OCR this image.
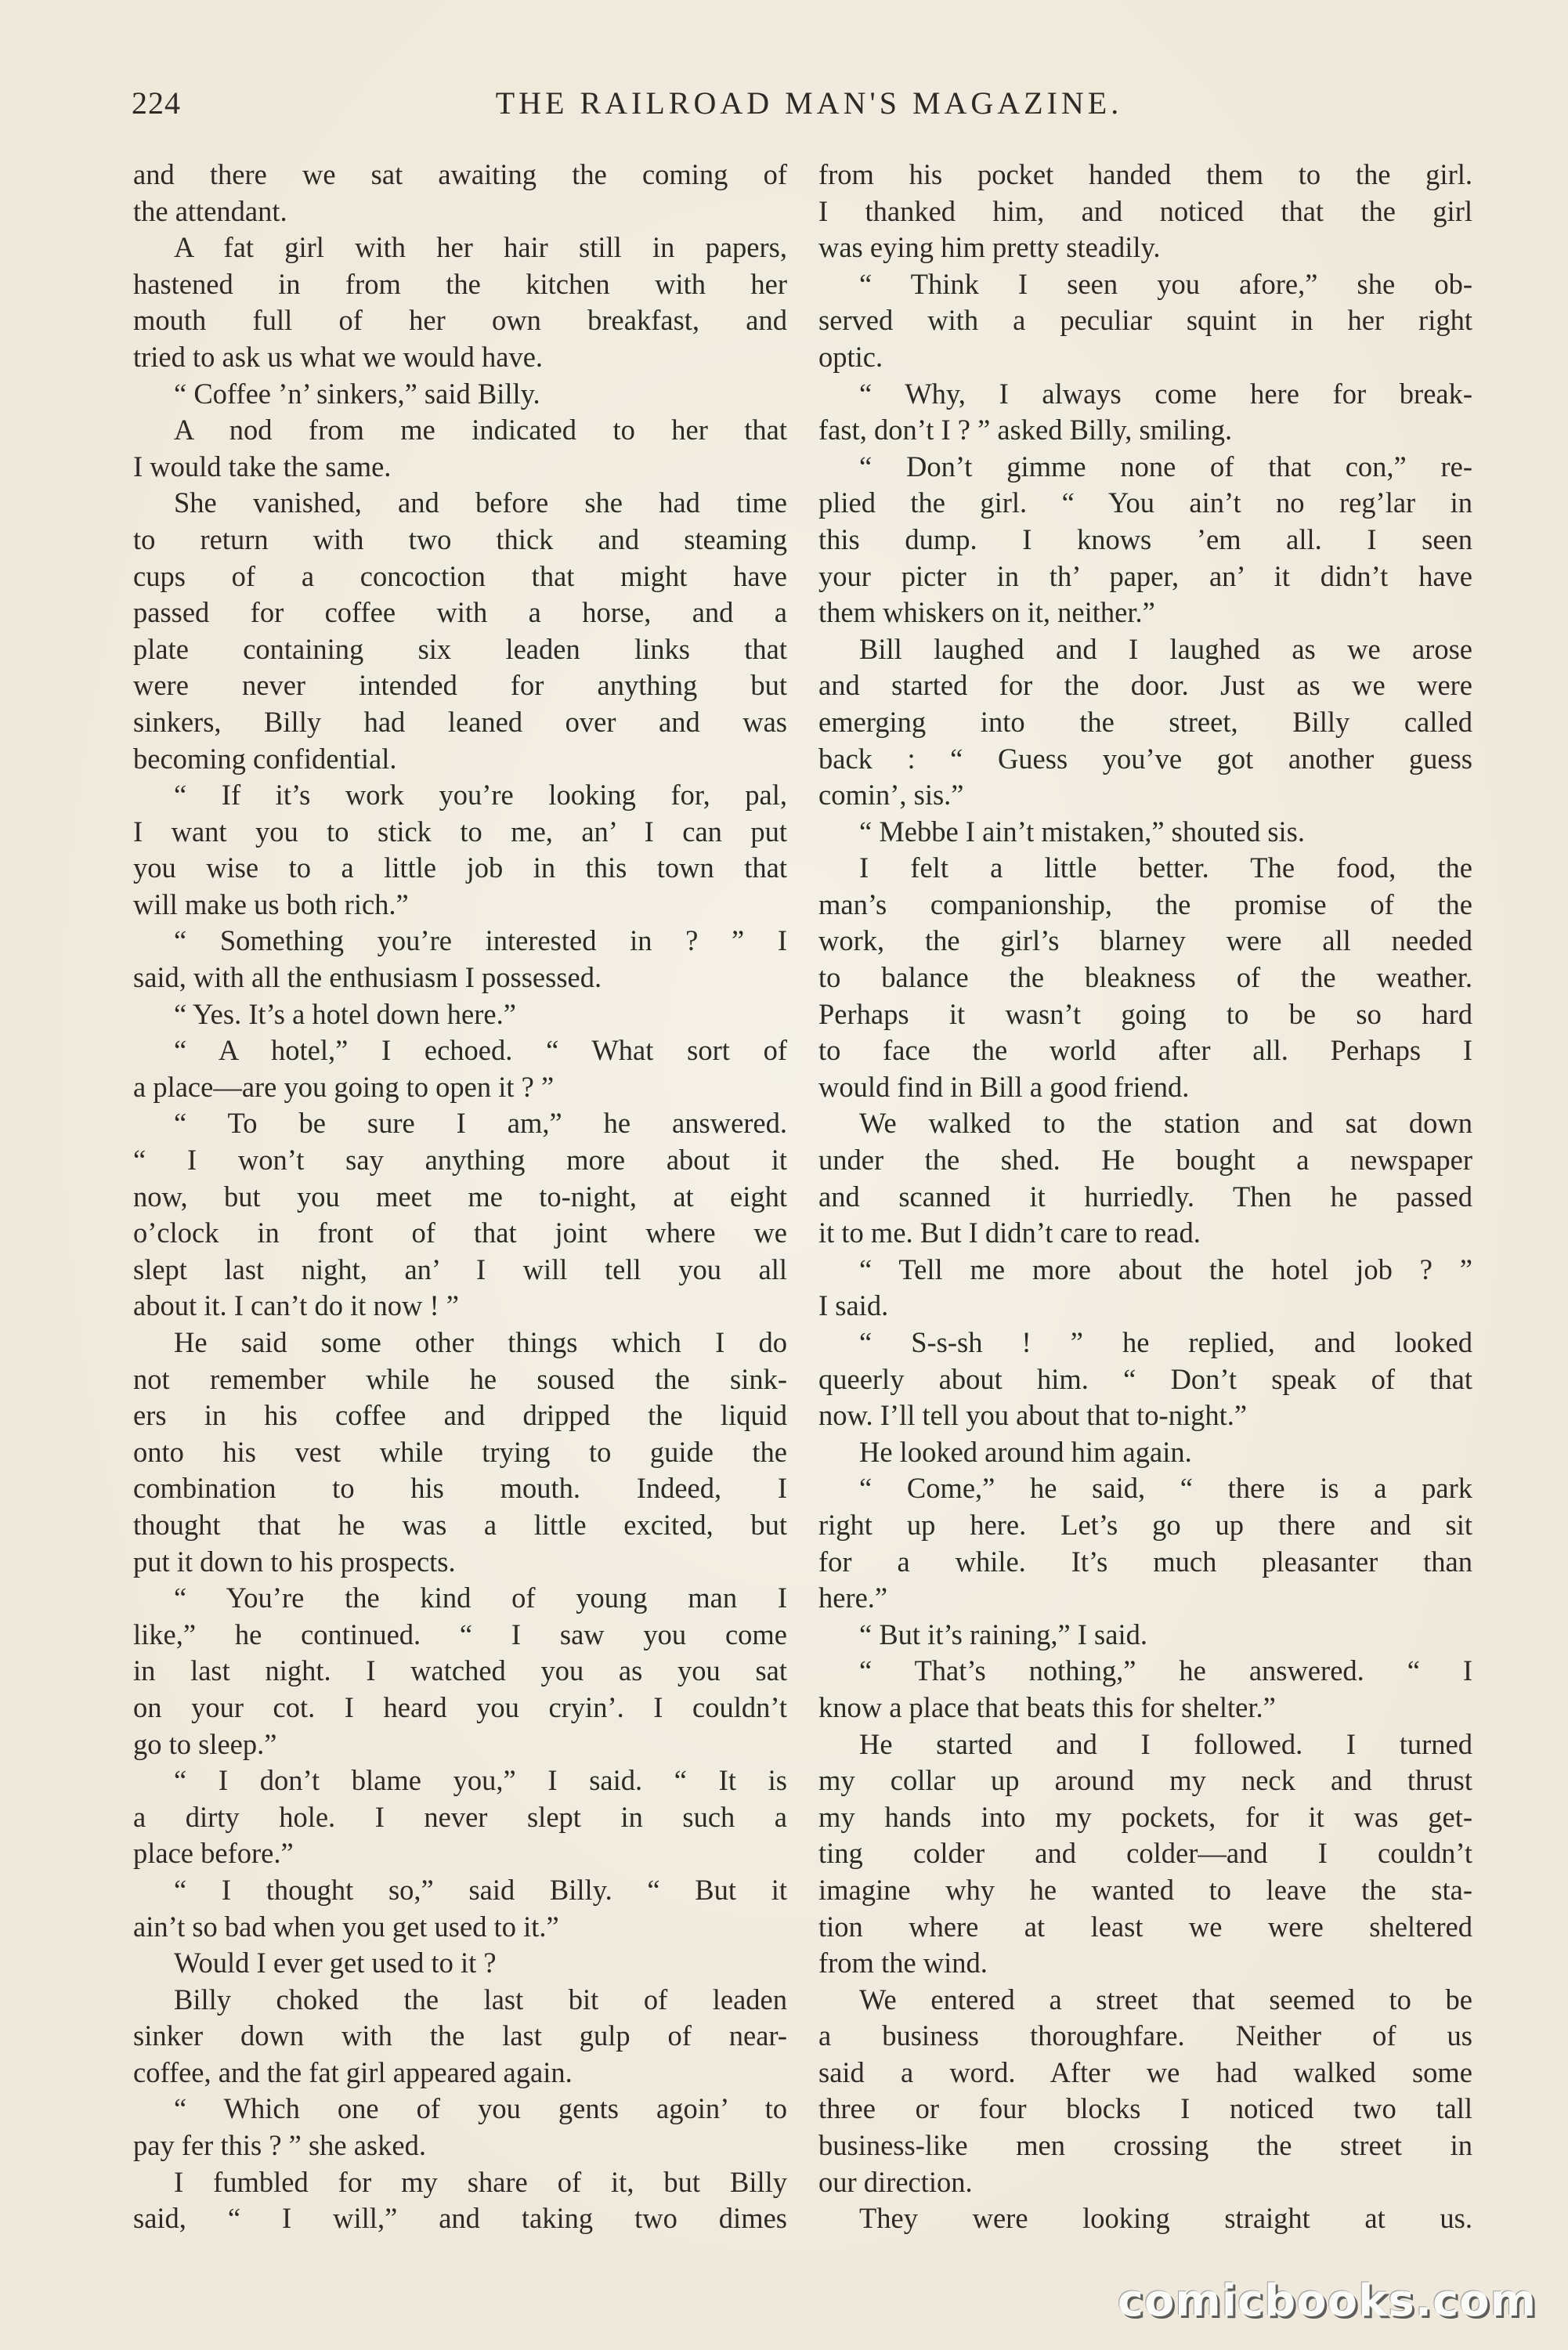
224	THE RAILROAD MAN'S MAGAZINE.
and there we sat awaiting the coming of
the attendant.
A fat girl with her hair still in papers,
hastened in from the kitchen with her
mouth full of her own breakfast, and
tried to ask us what we would have.
“ Coffee ’n’ sinkers,” said Billy.
A nod from me indicated to her that
I would take the same.
She vanished, and before she had time
to return with two thick and steaming
cups of a concoction that might have
passed for coffee with a horse, and a
plate containing six leaden links that
were never intended for anything but
sinkers, Billy had leaned over and was
becoming confidential.
“ If it’s work you’re looking for, pal,
I want you to stick to me, an’ I can put
you wise to a little job in this town that
will make us both rich.”
“ Something you’re interested in ? ” I
said, with all the enthusiasm I possessed.
“ Yes. It’s a hotel down here.”
“ A hotel,” I echoed. “ What sort of
a place—are you going to open it ? ”
“ To be sure I am,” he answered.
“ I won’t say anything more about it
now, but you meet me to-night, at eight
o’clock in front of that joint where we
slept last night, an’ I will tell you all
about it. I can’t do it now ! ”
He said some other things which I do
not remember while he soused the sink-
ers in his coffee and dripped the liquid
onto his vest while trying to guide the
combination to his mouth. Indeed, I
thought that he was a little excited, but
put it down to his prospects.
“ You’re the kind of young man I
like,” he continued. “ I saw you come
in last night. I watched you as you sat
on your cot. I heard you cryin’. I couldn’t
go to sleep.”
“ I don’t blame you,” I said. “ It is
a dirty hole. I never slept in such a
place before.”
“ I thought so,” said Billy. “ But it
ain’t so bad when you get used to it.”
Would I ever get used to it ?
Billy choked the last bit of leaden
sinker down with the last gulp of near-
coffee, and the fat girl appeared again.
“ Which one of you gents agoin’ to
pay fer this ? ” she asked.
I fumbled for my share of it, but Billy
said, “ I will,” and taking two dimes
from his pocket handed them to the girl.
I thanked him, and noticed that the girl
was eying him pretty steadily.
“ Think I seen you afore,” she ob-
served with a peculiar squint in her right
optic.
“ Why, I always come here for break-
fast, don’t I ? ” asked Billy, smiling.
“ Don’t gimme none of that con,” re-
plied the girl. “ You ain’t no reg’lar in
this dump. I knows ’em all. I seen
your picter in th’ paper, an’ it didn’t have
them whiskers on it, neither.”
Bill laughed and I laughed as we arose
and started for the door. Just as we were
emerging into the street, Billy called
back : “ Guess you’ve got another guess
comin’, sis.”
“ Mebbe I ain’t mistaken,” shouted sis.
I felt a little better. The food, the
man’s companionship, the promise of the
work, the girl’s blarney were all needed
to balance the bleakness of the weather.
Perhaps it wasn’t going to be so hard
to face the world after all. Perhaps I
would find in Bill a good friend.
We walked to the station and sat down
under the shed. He bought a newspaper
and scanned it hurriedly. Then he passed
it to me. But I didn’t care to read.
“ Tell me more about the hotel job ? ”
I said.
“ S-s-sh ! ” he replied, and looked
queerly about him. “ Don’t speak of that
now. I’ll tell you about that to-night.”
He looked around him again.
“ Come,” he said, “ there is a park
right up here. Let’s go up there and sit
for a while. It’s much pleasanter than
here.”
“ But it’s raining,” I said.
“ That’s nothing,” he answered. “ I
know a place that beats this for shelter.”
He started and I followed. I turned
my collar up around my neck and thrust
my hands into my pockets, for it was get-
ting colder and colder—and I couldn’t
imagine why he wanted to leave the sta-
tion where at least we were sheltered
from the wind.
We entered a street that seemed to be
a business thoroughfare. Neither of us
said a word. After we had walked some
three or four blocks I noticed two tall
business-like men crossing the street in
our direction.
They were looking straight at us.
comicbooks.com
